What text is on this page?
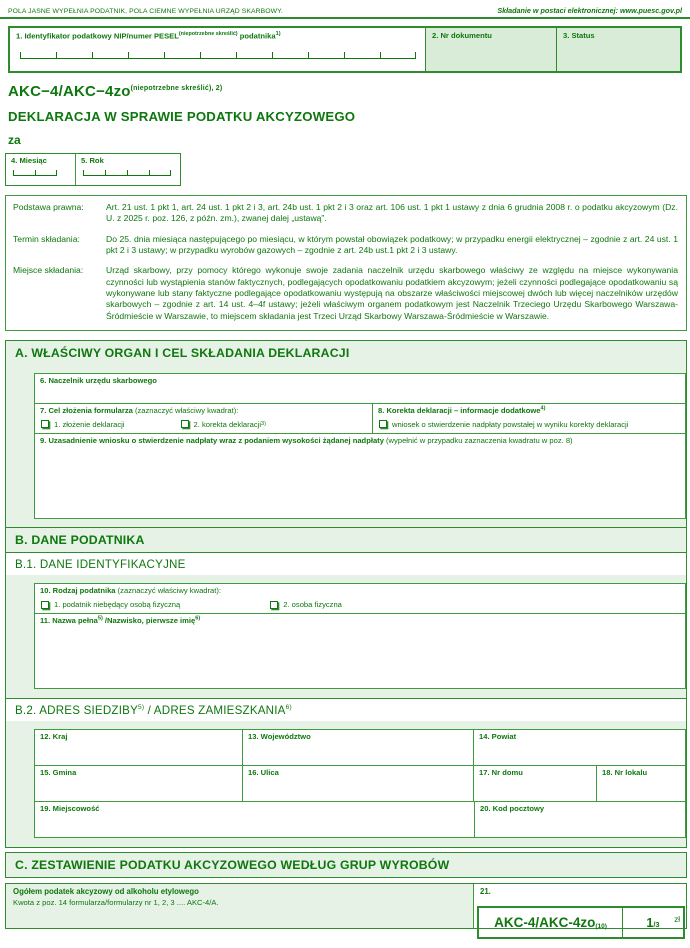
POLA JASNE WYPEŁNIA PODATNIK, POLA CIEMNE WYPEŁNIA URZĄD SKARBOWY.	Składanie w postaci elektronicznej: www.puesc.gov.pl
1. Identyfikator podatkowy NIP/numer $PESEL^{(niepotrzebne skreślić)}$ podatnika$^{1)}$	2. Nr dokumentu	3. Status
$AKC-4/AKC-4zo^{(niepotrzebne skreślić), 2)}$
DEKLARACJA W SPRAWIE PODATKU AKCYZOWEGO
za
4. Miesiąc	5. Rok
Podstawa prawna:	Art. 21 ust. 1 pkt 1, art. 24 ust. 1 pkt 2 i 3, art. 24b ust. 1 pkt 2 i 3 oraz art. 106 ust. 1 pkt 1 ustawy z dnia 6 grudnia 2008 r. o podatku akcyzowym (Dz. U. z 2025 r. poz. 126, z późn. zm.), zwanej dalej „ustawą”.
Termin składania:	Do 25. dnia miesiąca następującego po miesiącu, w którym powstał obowiązek podatkowy; w przypadku energii elektrycznej – zgodnie z art. 24 ust. 1 pkt 2 i 3 ustawy; w przypadku wyrobów gazowych – zgodnie z art. 24b ust.1 pkt 2 i 3 ustawy.
Miejsce składania:	Urząd skarbowy, przy pomocy którego wykonuje swoje zadania naczelnik urzędu skarbowego właściwy ze względu na miejsce wykonywania czynności lub wystąpienia stanów faktycznych, podlegających opodatkowaniu podatkiem akcyzowym; jeżeli czynności podlegające opodatkowaniu są wykonywane lub stany faktyczne podlegające opodatkowaniu występują na obszarze właściwości miejscowej dwóch lub więcej naczelników urzędów skarbowych – zgodnie z art. 14 ust. 4–4f ustawy; jeżeli właściwym organem podatkowym jest Naczelnik Trzeciego Urzędu Skarbowego Warszawa-Śródmieście w Warszawie, to miejscem składania jest Trzeci Urząd Skarbowy Warszawa-Śródmieście w Warszawie.
A. WŁAŚCIWY ORGAN I CEL SKŁADANIA DEKLARACJI
6. Naczelnik urzędu skarbowego
7. Cel złożenia formularza (zaznaczyć właściwy kwadrat):
1. złożenie deklaracji	2. korekta deklaracji 3)
8. Korekta deklaracji – informacje dodatkowe$^{4)}$
wniosek o stwierdzenie nadpłaty powstałej w wyniku korekty deklaracji
9. Uzasadnienie wniosku o stwierdzenie nadpłaty wraz z podaniem wysokości żądanej nadpłaty (wypełnić w przypadku zaznaczenia kwadratu w poz. 8)
B. DANE PODATNIKA
B.1. DANE IDENTYFIKACYJNE
10. Rodzaj podatnika (zaznaczyć właściwy kwadrat):
1. podatnik niebędący osobą fizyczną	2. osoba fizyczna
11. Nazwa pełna$^{5)}$ /Nazwisko, pierwsze imię$^{6)}$
B.2. ADRES SIEDZIBY$^{5)}$ / ADRES ZAMIESZKANIA$^{6)}$
12. Kraj	13. Województwo	14. Powiat
15. Gmina	16. Ulica	17. Nr domu	18. Nr lokalu
19. Miejscowość	20. Kod pocztowy
C. ZESTAWIENIE PODATKU AKCYZOWEGO WEDŁUG GRUP WYROBÓW
Ogółem podatek akcyzowy od alkoholu etylowego
Kwota z poz. 14 formularza/formularzy nr 1, 2, 3 .... AKC-4/A.
21.
zł
AKC-4/AKC-4zo (10)	1 /3
